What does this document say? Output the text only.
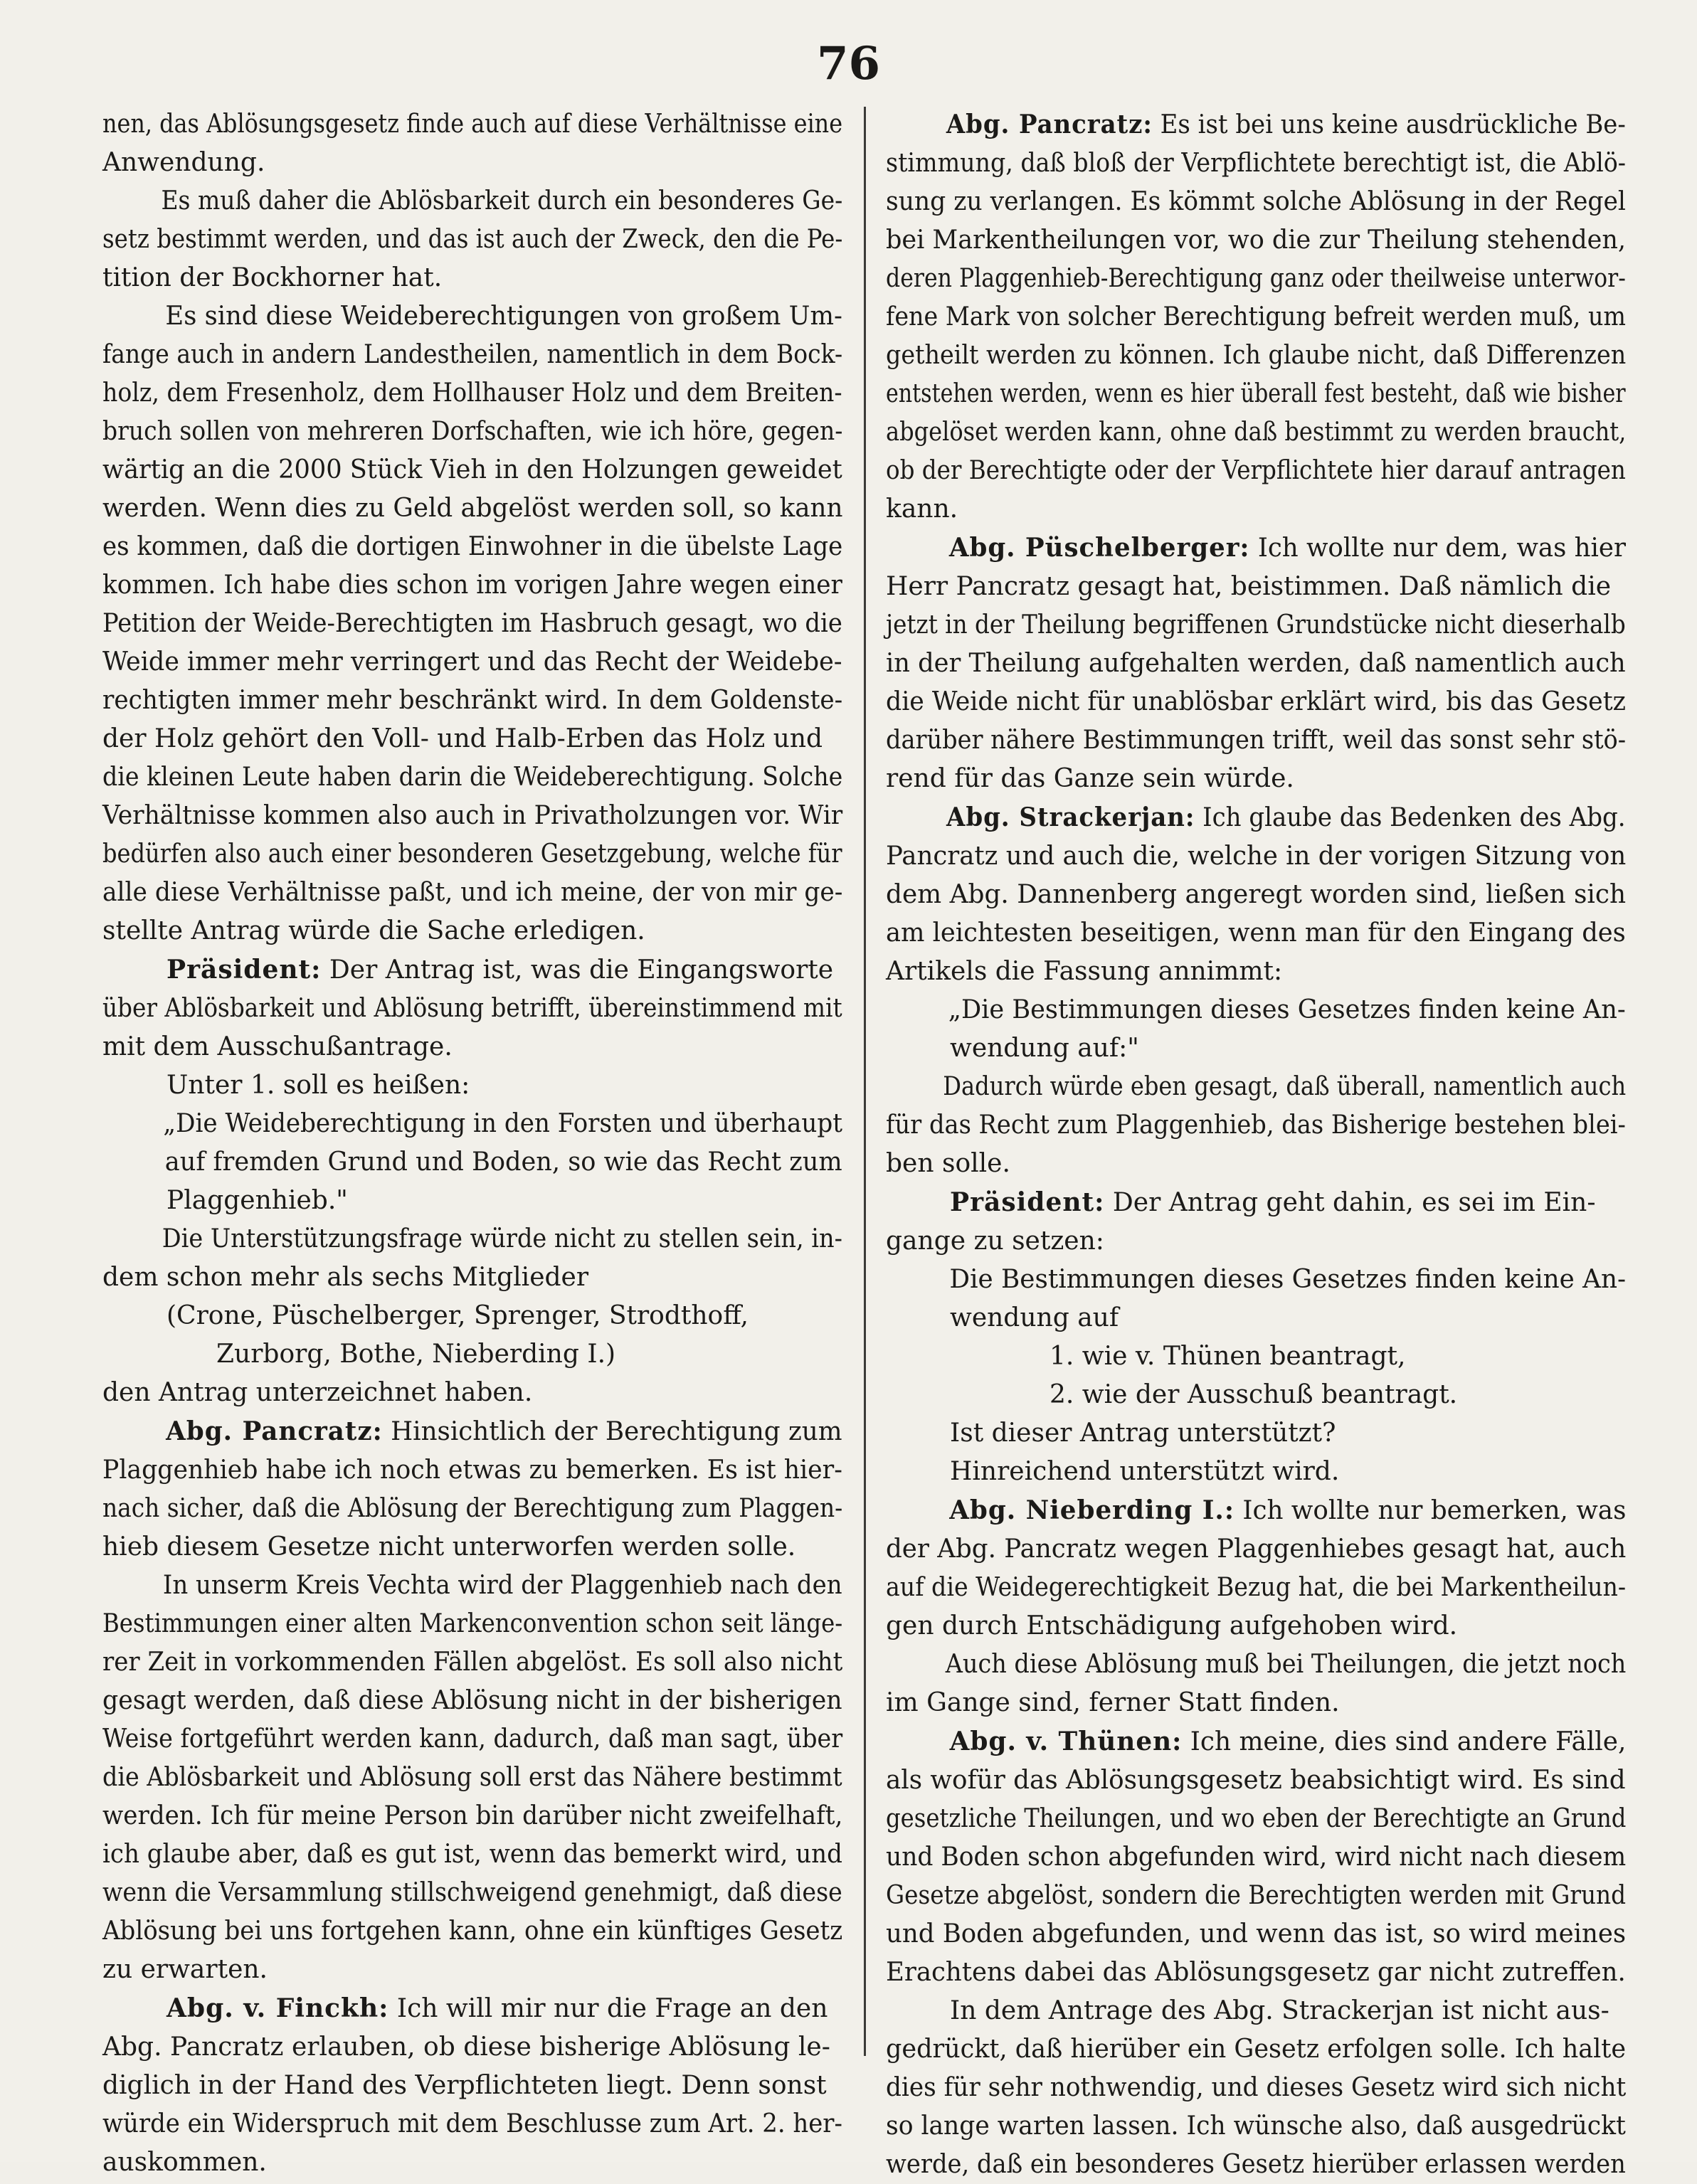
76
nen, das Ablösungsgesetz finde auch auf diese Verhältnisse eine
Anwendung.
Es muß daher die Ablösbarkeit durch ein besonderes Ge-
setz bestimmt werden, und das ist auch der Zweck, den die Pe-
tition der Bockhorner hat.
Es sind diese Weideberechtigungen von großem Um-
fange auch in andern Landestheilen, namentlich in dem Bock-
holz, dem Fresenholz, dem Hollhauser Holz und dem Breiten-
bruch sollen von mehreren Dorfschaften, wie ich höre, gegen-
wärtig an die 2000 Stück Vieh in den Holzungen geweidet
werden. Wenn dies zu Geld abgelöst werden soll, so kann
es kommen, daß die dortigen Einwohner in die übelste Lage
kommen. Ich habe dies schon im vorigen Jahre wegen einer
Petition der Weide-Berechtigten im Hasbruch gesagt, wo die
Weide immer mehr verringert und das Recht der Weidebe-
rechtigten immer mehr beschränkt wird. In dem Goldenste-
der Holz gehört den Voll- und Halb-Erben das Holz und
die kleinen Leute haben darin die Weideberechtigung. Solche
Verhältnisse kommen also auch in Privatholzungen vor. Wir
bedürfen also auch einer besonderen Gesetzgebung, welche für
alle diese Verhältnisse paßt, und ich meine, der von mir ge-
stellte Antrag würde die Sache erledigen.
Präsident: Der Antrag ist, was die Eingangsworte
über Ablösbarkeit und Ablösung betrifft, übereinstimmend mit
mit dem Ausschußantrage.
Unter 1. soll es heißen:
„Die Weideberechtigung in den Forsten und überhaupt
auf fremden Grund und Boden, so wie das Recht zum
Plaggenhieb."
Die Unterstützungsfrage würde nicht zu stellen sein, in-
dem schon mehr als sechs Mitglieder
(Crone, Püschelberger, Sprenger, Strodthoff,
Zurborg, Bothe, Nieberding I.)
den Antrag unterzeichnet haben.
Abg. Pancratz: Hinsichtlich der Berechtigung zum
Plaggenhieb habe ich noch etwas zu bemerken. Es ist hier-
nach sicher, daß die Ablösung der Berechtigung zum Plaggen-
hieb diesem Gesetze nicht unterworfen werden solle.
In unserm Kreis Vechta wird der Plaggenhieb nach den
Bestimmungen einer alten Markenconvention schon seit länge-
rer Zeit in vorkommenden Fällen abgelöst. Es soll also nicht
gesagt werden, daß diese Ablösung nicht in der bisherigen
Weise fortgeführt werden kann, dadurch, daß man sagt, über
die Ablösbarkeit und Ablösung soll erst das Nähere bestimmt
werden. Ich für meine Person bin darüber nicht zweifelhaft,
ich glaube aber, daß es gut ist, wenn das bemerkt wird, und
wenn die Versammlung stillschweigend genehmigt, daß diese
Ablösung bei uns fortgehen kann, ohne ein künftiges Gesetz
zu erwarten.
Abg. v. Finckh: Ich will mir nur die Frage an den
Abg. Pancratz erlauben, ob diese bisherige Ablösung le-
diglich in der Hand des Verpflichteten liegt. Denn sonst
würde ein Widerspruch mit dem Beschlusse zum Art. 2. her-
auskommen.
Abg. Pancratz: Es ist bei uns keine ausdrückliche Be-
stimmung, daß bloß der Verpflichtete berechtigt ist, die Ablö-
sung zu verlangen. Es kömmt solche Ablösung in der Regel
bei Markentheilungen vor, wo die zur Theilung stehenden,
deren Plaggenhieb-Berechtigung ganz oder theilweise unterwor-
fene Mark von solcher Berechtigung befreit werden muß, um
getheilt werden zu können. Ich glaube nicht, daß Differenzen
entstehen werden, wenn es hier überall fest besteht, daß wie bisher
abgelöset werden kann, ohne daß bestimmt zu werden braucht,
ob der Berechtigte oder der Verpflichtete hier darauf antragen
kann.
Abg. Püschelberger: Ich wollte nur dem, was hier
Herr Pancratz gesagt hat, beistimmen. Daß nämlich die
jetzt in der Theilung begriffenen Grundstücke nicht dieserhalb
in der Theilung aufgehalten werden, daß namentlich auch
die Weide nicht für unablösbar erklärt wird, bis das Gesetz
darüber nähere Bestimmungen trifft, weil das sonst sehr stö-
rend für das Ganze sein würde.
Abg. Strackerjan: Ich glaube das Bedenken des Abg.
Pancratz und auch die, welche in der vorigen Sitzung von
dem Abg. Dannenberg angeregt worden sind, ließen sich
am leichtesten beseitigen, wenn man für den Eingang des
Artikels die Fassung annimmt:
„Die Bestimmungen dieses Gesetzes finden keine An-
wendung auf:"
Dadurch würde eben gesagt, daß überall, namentlich auch
für das Recht zum Plaggenhieb, das Bisherige bestehen blei-
ben solle.
Präsident: Der Antrag geht dahin, es sei im Ein-
gange zu setzen:
Die Bestimmungen dieses Gesetzes finden keine An-
wendung auf
1. wie v. Thünen beantragt,
2. wie der Ausschuß beantragt.
Ist dieser Antrag unterstützt?
Hinreichend unterstützt wird.
Abg. Nieberding I.: Ich wollte nur bemerken, was
der Abg. Pancratz wegen Plaggenhiebes gesagt hat, auch
auf die Weidegerechtigkeit Bezug hat, die bei Markentheilun-
gen durch Entschädigung aufgehoben wird.
Auch diese Ablösung muß bei Theilungen, die jetzt noch
im Gange sind, ferner Statt finden.
Abg. v. Thünen: Ich meine, dies sind andere Fälle,
als wofür das Ablösungsgesetz beabsichtigt wird. Es sind
gesetzliche Theilungen, und wo eben der Berechtigte an Grund
und Boden schon abgefunden wird, wird nicht nach diesem
Gesetze abgelöst, sondern die Berechtigten werden mit Grund
und Boden abgefunden, und wenn das ist, so wird meines
Erachtens dabei das Ablösungsgesetz gar nicht zutreffen.
In dem Antrage des Abg. Strackerjan ist nicht aus-
gedrückt, daß hierüber ein Gesetz erfolgen solle. Ich halte
dies für sehr nothwendig, und dieses Gesetz wird sich nicht
so lange warten lassen. Ich wünsche also, daß ausgedrückt
werde, daß ein besonderes Gesetz hierüber erlassen werden
